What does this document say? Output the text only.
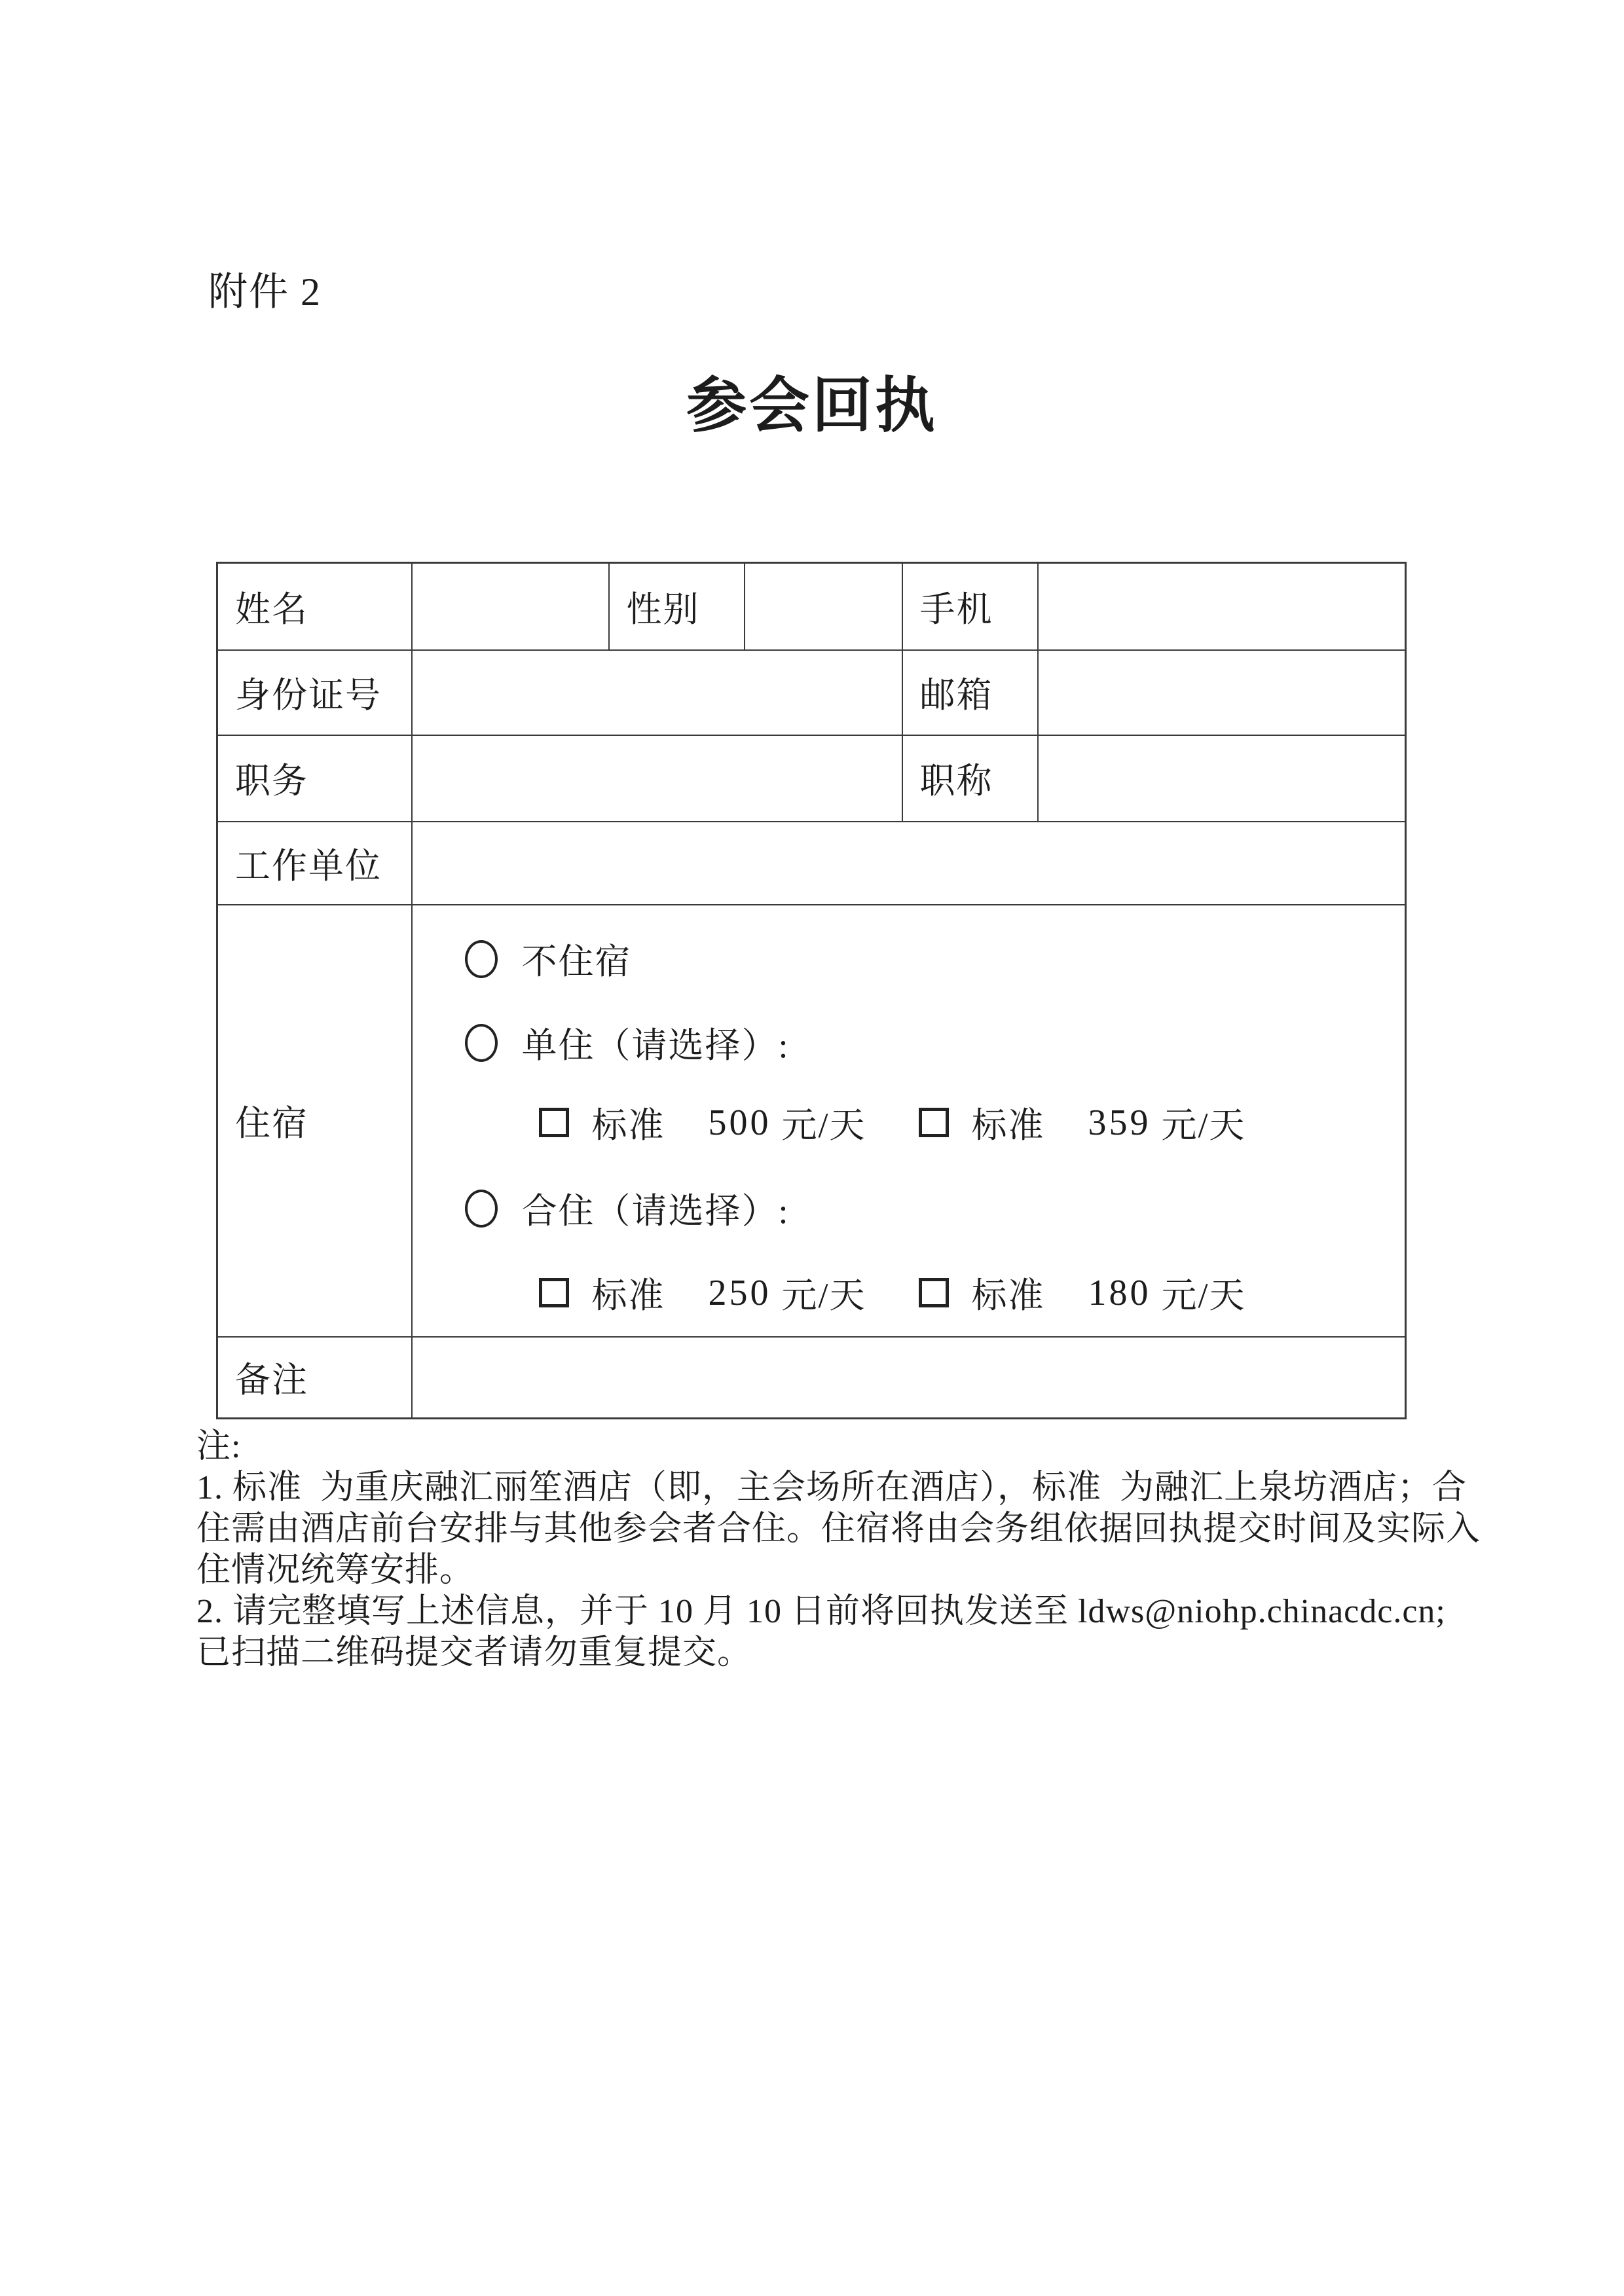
附件 2
参会回执
姓名		性别		手机	
身份证号				邮箱	
职务				职称	
工作单位					
住宿	
不住宿
单住（请选择）:
标准 500 元/天	标准 359 元/天
合住（请选择）:
标准 250 元/天	标准 180 元/天

备注					
注:
1. 标准  为重庆融汇丽笙酒店（即，主会场所在酒店），标准  为融汇上泉坊酒店；合
住需由酒店前台安排与其他参会者合住。住宿将由会务组依据回执提交时间及实际入
住情况统筹安排。
2. 请完整填写上述信息，并于 10 月 10 日前将回执发送至 ldws@niohp.chinacdc.cn;
已扫描二维码提交者请勿重复提交。
